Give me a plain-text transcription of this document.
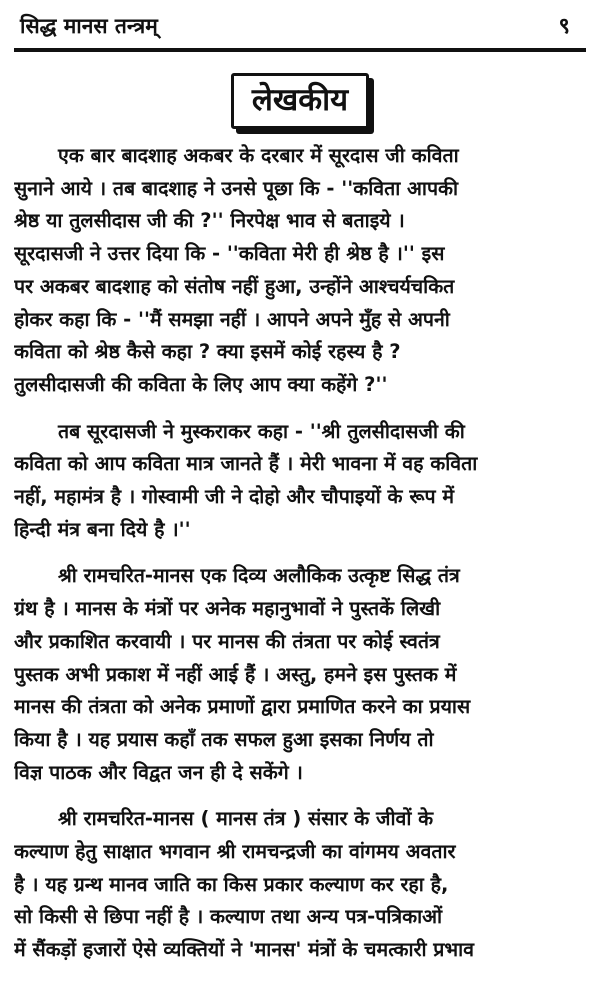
सिद्ध मानस तन्त्रम्	९
लेखकीय

एक बार बादशाह अकबर के दरबार में सूरदास जी कविता
सुनाने आये । तब बादशाह ने उनसे पूछा कि - ''कविता आपकी
श्रेष्ठ या तुलसीदास जी की ?'' निरपेक्ष भाव से बताइये ।
सूरदासजी ने उत्तर दिया कि - ''कविता मेरी ही श्रेष्ठ है ।'' इस
पर अकबर बादशाह को संतोष नहीं हुआ, उन्होंने आश्चर्यचकित
होकर कहा कि - ''मैं समझा नहीं । आपने अपने मुँह से अपनी
कविता को श्रेष्ठ कैसे कहा ? क्या इसमें कोई रहस्य है ?
तुलसीदासजी की कविता के लिए आप क्या कहेंगे ?''

तब सूरदासजी ने मुस्कराकर कहा - ''श्री तुलसीदासजी की
कविता को आप कविता मात्र जानते हैं । मेरी भावना में वह कविता
नहीं, महामंत्र है । गोस्वामी जी ने दोहो और चौपाइयों के रूप में
हिन्दी मंत्र बना दिये है ।''

श्री रामचरित-मानस एक दिव्य अलौकिक उत्कृष्ट सिद्ध तंत्र
ग्रंथ है । मानस के मंत्रों पर अनेक महानुभावों ने पुस्तकें लिखी
और प्रकाशित करवायी । पर मानस की तंत्रता पर कोई स्वतंत्र
पुस्तक अभी प्रकाश में नहीं आई हैं । अस्तु, हमने इस पुस्तक में
मानस की तंत्रता को अनेक प्रमाणों द्वारा प्रमाणित करने का प्रयास
किया है । यह प्रयास कहाँ तक सफल हुआ इसका निर्णय तो
विज्ञ पाठक और विद्वत जन ही दे सकेंगे ।

श्री रामचरित-मानस ( मानस तंत्र ) संसार के जीवों के
कल्याण हेतु साक्षात भगवान श्री रामचन्द्रजी का वांगमय अवतार
है । यह ग्रन्थ मानव जाति का किस प्रकार कल्याण कर रहा है,
सो किसी से छिपा नहीं है । कल्याण तथा अन्य पत्र-पत्रिकाओं
में सैंकड़ों हजारों ऐसे व्यक्तियों ने 'मानस' मंत्रों के चमत्कारी प्रभाव
